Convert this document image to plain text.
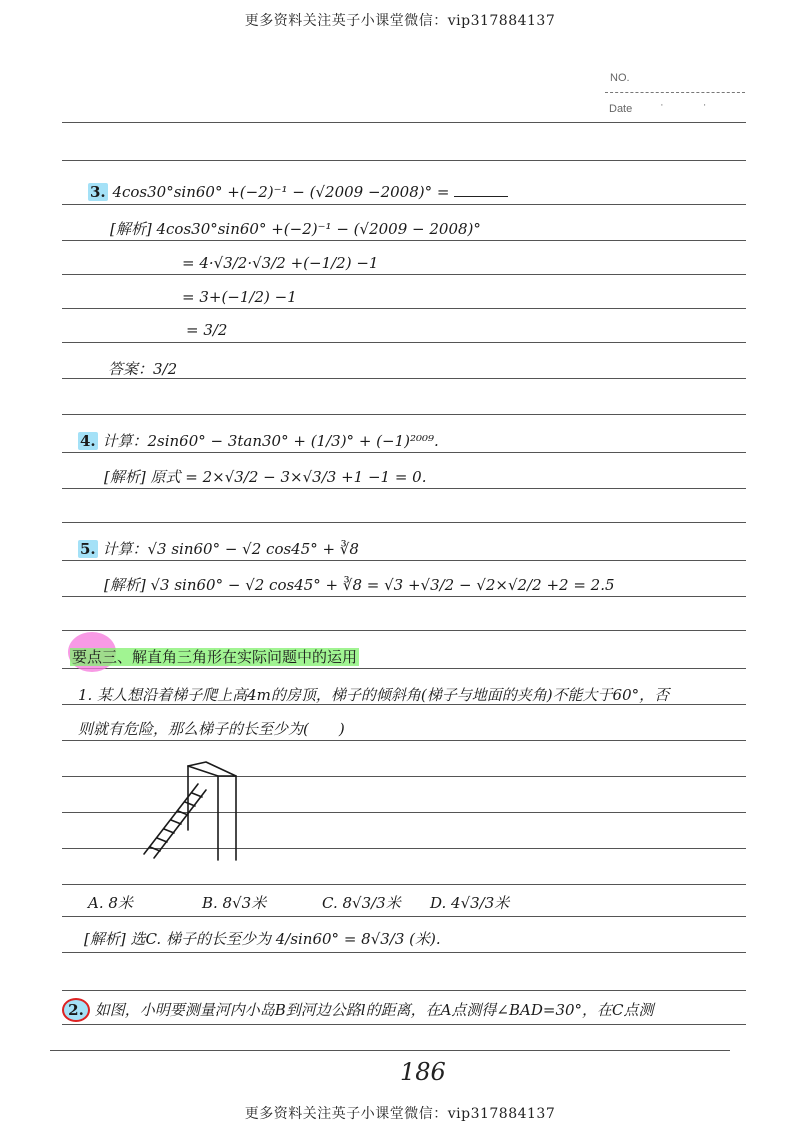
更多资料关注英子小课堂微信：vip317884137
更多资料关注英子小课堂微信：vip317884137
NO.
Date	· ·
3. 4cos30°sin60° +(−2)⁻¹ − (√2009 −2008)° =
[解析] 4cos30°sin60° +(−2)⁻¹ − (√2009 − 2008)°
= 4·√3/2·√3/2 +(−1/2) −1
= 3+(−1/2) −1
= 3/2
答案：3/2
4. 计算：2sin60° − 3tan30° + (1/3)° + (−1)²⁰⁰⁹.
[解析] 原式 = 2×√3/2 − 3×√3/3 +1 −1 = 0.
5. 计算：√3 sin60° − √2 cos45° + ∛8
[解析] √3 sin60° − √2 cos45° + ∛8 = √3 +√3/2 − √2×√2/2 +2 = 2.5
要点三、解直角三角形在实际问题中的运用
1. 某人想沿着梯子爬上高4m的房顶，梯子的倾斜角(梯子与地面的夹角)不能大于60°，否
则就有危险，那么梯子的长至少为(　　)
A. 8米	B. 8√3米	C. 8√3/3米 D. 4√3/3米
[解析] 选C. 梯子的长至少为 4/sin60° = 8√3/3 (米).
2. 如图，小明要测量河内小岛B到河边公路l的距离，在A点测得∠BAD=30°，在C点测
186
